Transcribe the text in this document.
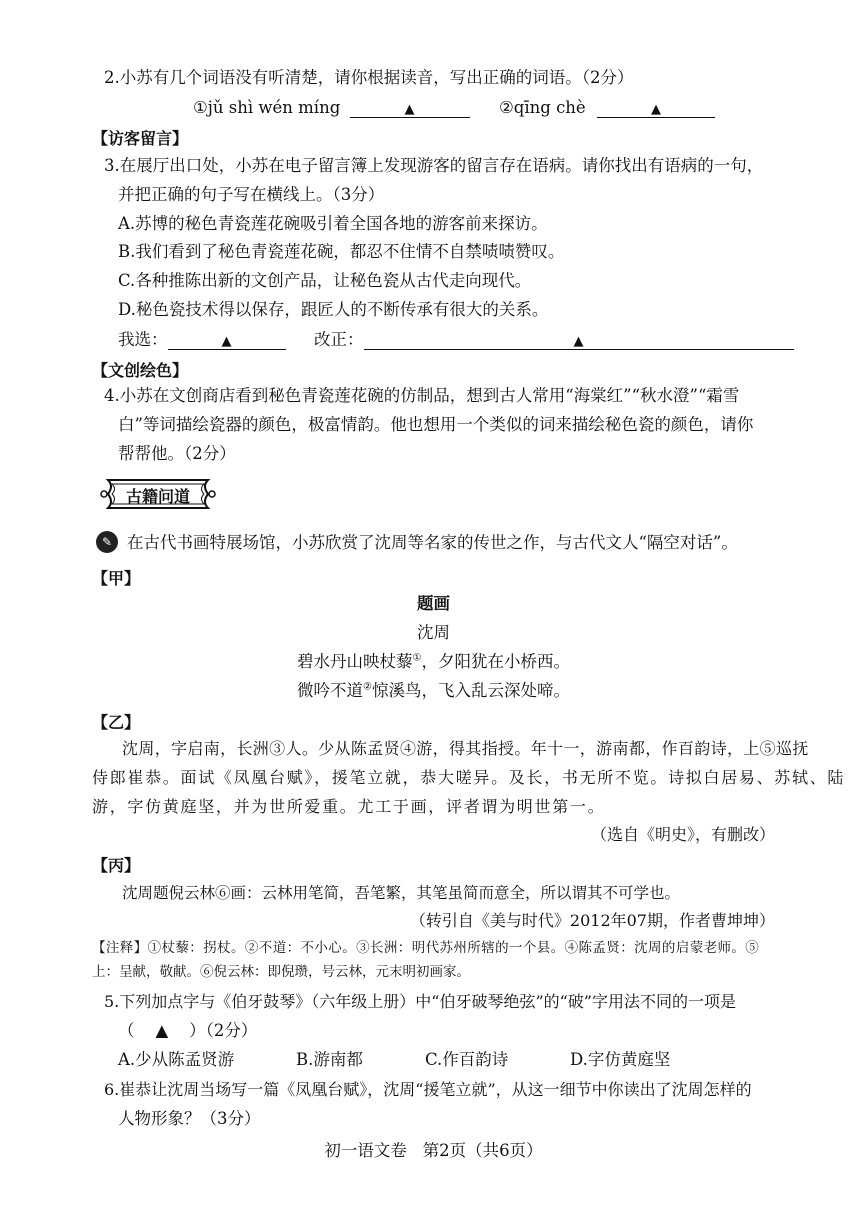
2.小苏有几个词语没有听清楚，请你根据读音，写出正确的词语。（2分）
①jǔ shì wén míng	▲	②qīng chè	▲
【访客留言】
3.在展厅出口处，小苏在电子留言簿上发现游客的留言存在语病。请你找出有语病的一句，
并把正确的句子写在横线上。（3分）
A.苏博的秘色青瓷莲花碗吸引着全国各地的游客前来探访。
B.我们看到了秘色青瓷莲花碗，都忍不住情不自禁啧啧赞叹。
C.各种推陈出新的文创产品，让秘色瓷从古代走向现代。
D.秘色瓷技术得以保存，跟匠人的不断传承有很大的关系。
我选：	▲	改正：	▲
【文创绘色】
4.小苏在文创商店看到秘色青瓷莲花碗的仿制品，想到古人常用“海棠红”“秋水澄”“霜雪
白”等词描绘瓷器的颜色，极富情韵。他也想用一个类似的词来描绘秘色瓷的颜色，请你
帮帮他。（2分）
古籍问道
✎ 在古代书画特展场馆，小苏欣赏了沈周等名家的传世之作，与古代文人“隔空对话”。
【甲】
题画
沈周
碧水丹山映杖藜①，夕阳犹在小桥西。
微吟不道②惊溪鸟，飞入乱云深处啼。
【乙】
沈周，字启南，长洲③人。少从陈孟贤④游，得其指授。年十一，游南都，作百韵诗，上⑤巡抚
侍郎崔恭。面试《凤凰台赋》，援笔立就，恭大嗟异。及长，书无所不览。诗拟白居易、苏轼、陆
游，字仿黄庭坚，并为世所爱重。尤工于画，评者谓为明世第一。
（选自《明史》，有删改）
【丙】
沈周题倪云林⑥画：云林用笔简，吾笔繁，其笔虽简而意全，所以谓其不可学也。
（转引自《美与时代》2012年07期，作者曹坤坤）
【注释】①杖藜：拐杖。②不道：不小心。③长洲：明代苏州所辖的一个县。④陈孟贤：沈周的启蒙老师。⑤
上：呈献，敬献。⑥倪云林：即倪瓒，号云林，元末明初画家。
5.下列加点字与《伯牙鼓琴》（六年级上册）中“伯牙破琴绝弦”的“破”字用法不同的一项是
（    ▲    ）（2分）
A.少从陈孟贤游	B.游南都	C.作百韵诗	D.字仿黄庭坚
6.崔恭让沈周当场写一篇《凤凰台赋》，沈周“援笔立就”，从这一细节中你读出了沈周怎样的
人物形象？（3分）
初一语文卷   第2页（共6页）
